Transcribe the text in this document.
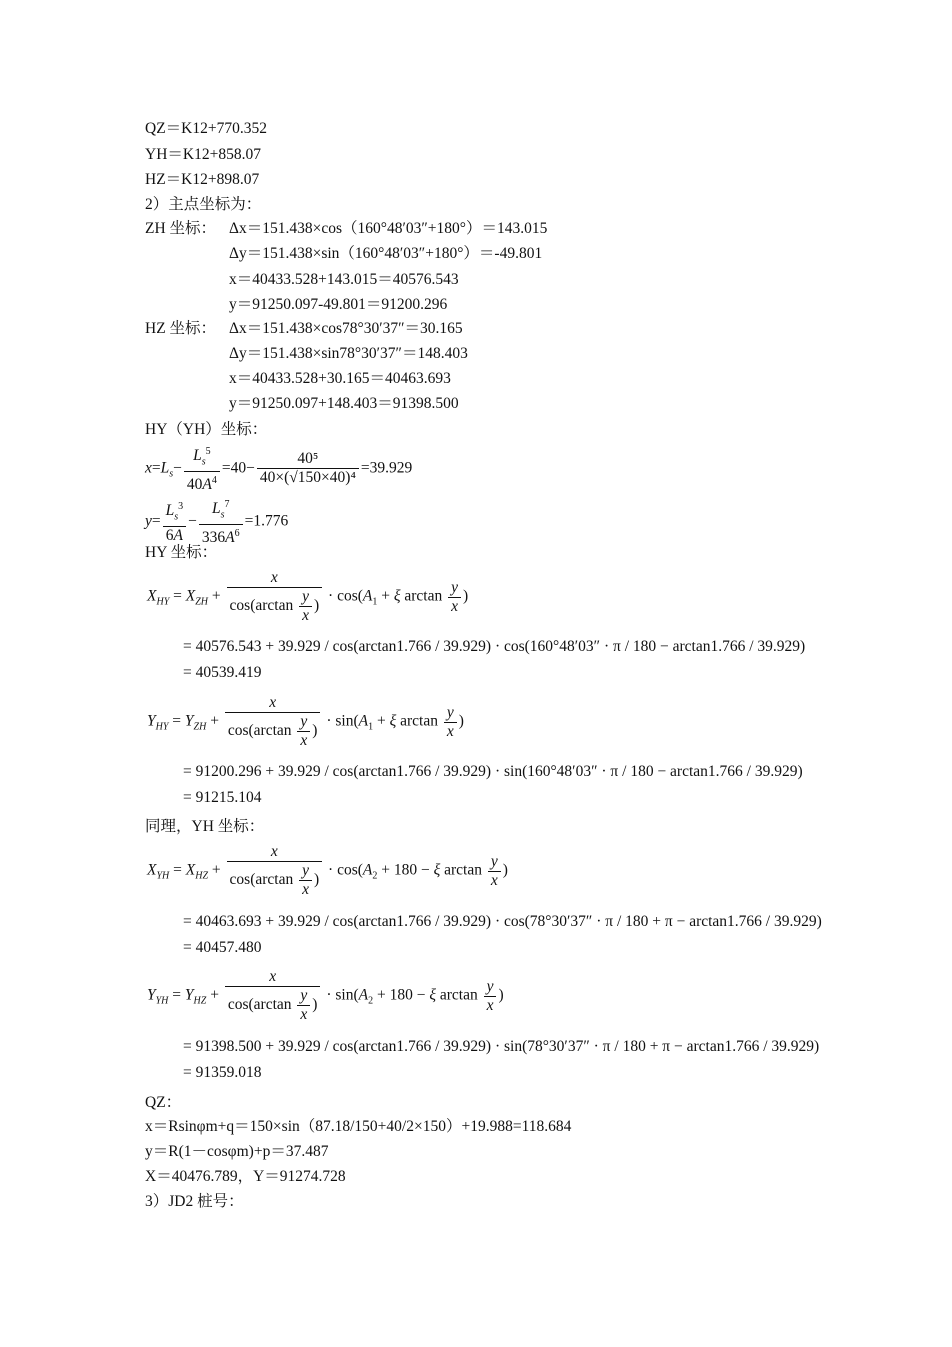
QZ＝K12+770.352
YH＝K12+858.07
HZ＝K12+898.07
2）主点坐标为：
ZH 坐标： Δx＝151.438×cos（160°48′03″+180°）＝143.015
Δy＝151.438×sin（160°48′03″+180°）＝-49.801
x＝40433.528+143.015＝40576.543
y＝91250.097-49.801＝91200.296
HZ 坐标： Δx＝151.438×cos78°30′37″＝30.165
Δy＝151.438×sin78°30′37″＝148.403
x＝40433.528+30.165＝40463.693
y＝91250.097+148.403＝91398.500
HY（YH）坐标：
$x=L_s- \frac{L_s^5}{40A^4} =40- \frac{\text{40⁵}}{\text{40×(√150×40)⁴}} =39.929$
$y= \frac{L_s^3}{6A} - \frac{L_s^7}{336A^6} =1.776$
HY 坐标：
$X_{HY} = X_{ZH} + \frac{x}{\cos(\arctan \frac{y}{x} )} \cdot \cos(A_1 + \xi$ $\arctan \frac{y}{x}$ )
= 40576.543 + 39.929 / cos(arctan1.766 / 39.929) · cos(160°48′03″ · π / 180 − arctan1.766 / 39.929)
= 40539.419
$Y_{HY} = Y_{ZH} + \frac{x}{\cos(\arctan \frac{y}{x} )} \cdot \sin(A_1 + \xi$ $\arctan \frac{y}{x}$ )
= 91200.296 + 39.929 / cos(arctan1.766 / 39.929) · sin(160°48′03″ · π / 180 − arctan1.766 / 39.929)
= 91215.104
同理，YH 坐标：
$X_{YH} = X_{HZ} + \frac{x}{\cos(\arctan \frac{y}{x} )} \cdot \cos(A_2 + 180 - \xi$ $\arctan \frac{y}{x}$ )
= 40463.693 + 39.929 / cos(arctan1.766 / 39.929) · cos(78°30′37″ · π / 180 + π − arctan1.766 / 39.929)
= 40457.480
$Y_{YH} = Y_{HZ} + \frac{x}{\cos(\arctan \frac{y}{x} )} \cdot \sin(A_2 + 180 - \xi$ $\arctan \frac{y}{x}$ )
= 91398.500 + 39.929 / cos(arctan1.766 / 39.929) · sin(78°30′37″ · π / 180 + π − arctan1.766 / 39.929)
= 91359.018
QZ：
x＝Rsinφm+q＝150×sin（87.18/150+40/2×150）+19.988=118.684
y＝R(1－cosφm)+p＝37.487
X＝40476.789，Y＝91274.728
3）JD2 桩号：
